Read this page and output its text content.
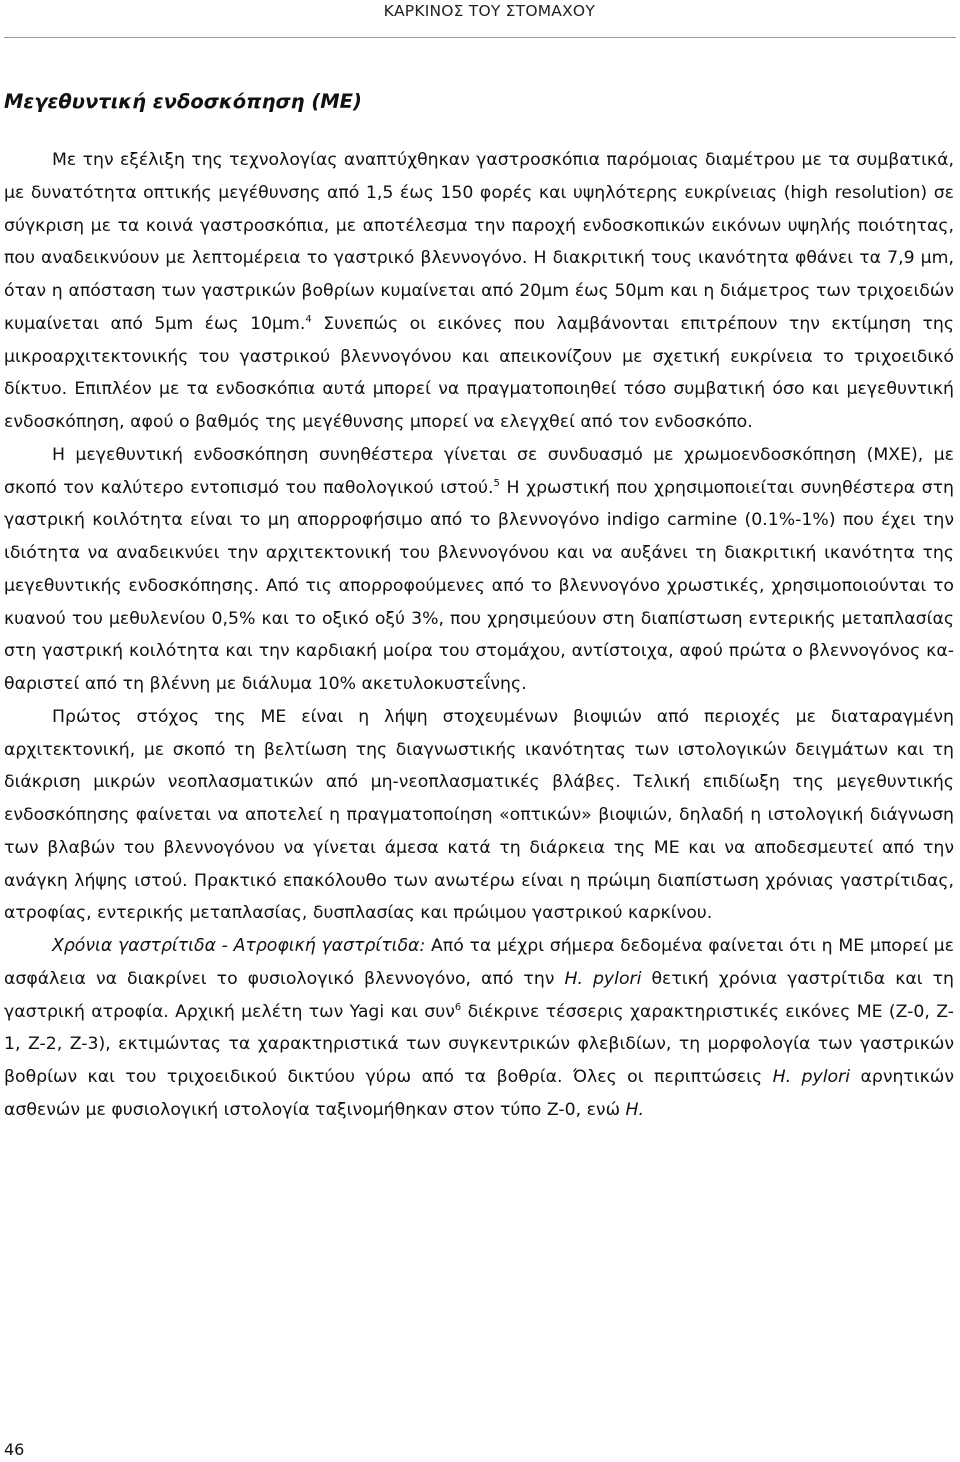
ΚΑΡΚΙΝΟΣ ΤΟΥ ΣΤΟΜΑΧΟΥ
Μεγεθυντική ενδοσκόπηση (ΜΕ)

Με την εξέλιξη της τεχνολογίας αναπτύχθηκαν γαστροσκόπια παρόμοιας διαμέτρου με τα συμβατικά, με δυνατότητα οπτικής μεγέθυνσης από 1,5 έως 150 φορές και υψηλότερης ευκρίνειας (high resolution) σε σύγκριση με τα κοινά γαστροσκόπια, με αποτέλεσμα την παροχή ενδοσκοπικών εικόνων υψηλής ποιότητας, που αναδεικνύουν με λεπτομέρεια το γαστρικό βλεννογόνο. Η διακριτική τους ικανότητα φθάνει τα 7,9 μm, όταν η απόσταση των γαστρικών βοθρίων κυμαίνεται από 20μm έως 50μm και η διάμετρος των τριχοειδών κυμαίνεται από 5μm έως 10μm.$^4$ Συνεπώς οι εικόνες που λαμβάνονται επιτρέπουν την εκτίμηση της μικροαρχιτεκτονικής του γαστρικού βλεννογόνου και απεικονίζουν με σχετική ευκρίνεια το τριχοειδικό δίκτυο. Επιπλέον με τα ενδοσκόπια αυτά μπορεί να πραγματοποιηθεί τόσο συμβατική όσο και μεγεθυντική ενδοσκόπηση, αφού ο βαθμός της μεγέθυνσης μπορεί να ελεγχθεί από τον ενδοσκόπο.

Η μεγεθυντική ενδοσκόπηση συνηθέστερα γίνεται σε συνδυασμό με χρωμοενδοσκόπηση (ΜΧΕ), με σκοπό τον καλύτερο εντοπισμό του παθολογικού ιστού.$^5$ Η χρωστική που χρησιμοποιείται συνηθέστερα στη γαστρική κοιλότητα είναι το μη απορροφήσιμο από το βλεννογόνο indigo carmine (0.1%-1%) που έχει την ιδιότητα να αναδεικνύει την αρχιτεκτονική του βλεννογόνου και να αυξάνει τη διακριτική ικανότητα της μεγεθυντικής ενδοσκόπησης. Από τις απορροφούμενες από το βλεννογόνο χρωστικές, χρησιμοποιούνται το κυανού του μεθυλενίου 0,5% και το οξικό οξύ 3%, που χρησιμεύουν στη διαπίστωση εντερικής μεταπλασίας στη γαστρική κοιλότητα και την καρδιακή μοίρα του στομάχου, αντίστοιχα, αφού πρώτα ο βλεννογόνος καθαριστεί από τη βλέννη με διάλυμα 10% ακετυλοκυστεΐνης.

Πρώτος στόχος της ΜΕ είναι η λήψη στοχευμένων βιοψιών από περιοχές με διαταραγμένη αρχιτεκτονική, με σκοπό τη βελτίωση της διαγνωστικής ικανότητας των ιστολογικών δειγμάτων και τη διάκριση μικρών νεοπλασματικών από μη-νεοπλασματικές βλάβες. Τελική επιδίωξη της μεγεθυντικής ενδοσκόπησης φαίνεται να αποτελεί η πραγματοποίηση «οπτικών» βιοψιών, δηλαδή η ιστολογική διάγνωση των βλαβών του βλεννογόνου να γίνεται άμεσα κατά τη διάρκεια της ΜΕ και να αποδεσμευτεί από την ανάγκη λήψης ιστού. Πρακτικό επακόλουθο των ανωτέρω είναι η πρώιμη διαπίστωση χρόνιας γαστρίτιδας, ατροφίας, εντερικής μεταπλασίας, δυσπλασίας και πρώιμου γαστρικού καρκίνου.

Χρόνια γαστρίτιδα - Ατροφική γαστρίτιδα: Από τα μέχρι σήμερα δεδομένα φαίνεται ότι η ΜΕ μπορεί με ασφάλεια να διακρίνει το φυσιολογικό βλεννογόνο, από την H. pylori θετική χρόνια γαστρίτιδα και τη γαστρική ατροφία. Αρχική μελέτη των Yagi και συν$^6$ διέκρινε τέσσερις χαρακτηριστικές εικόνες ΜΕ (Z-0, Z-1, Z-2, Z-3), εκτιμώντας τα χαρακτηριστικά των συγκεντρικών φλεβιδίων, τη μορφολογία των γαστρικών βοθρίων και του τριχοειδικού δικτύου γύρω από τα βοθρία. Όλες οι περιπτώσεις H. pylori αρνητικών ασθενών με φυσιολογική ιστολογία ταξινομήθηκαν στον τύπο Z-0, ενώ H.

46
